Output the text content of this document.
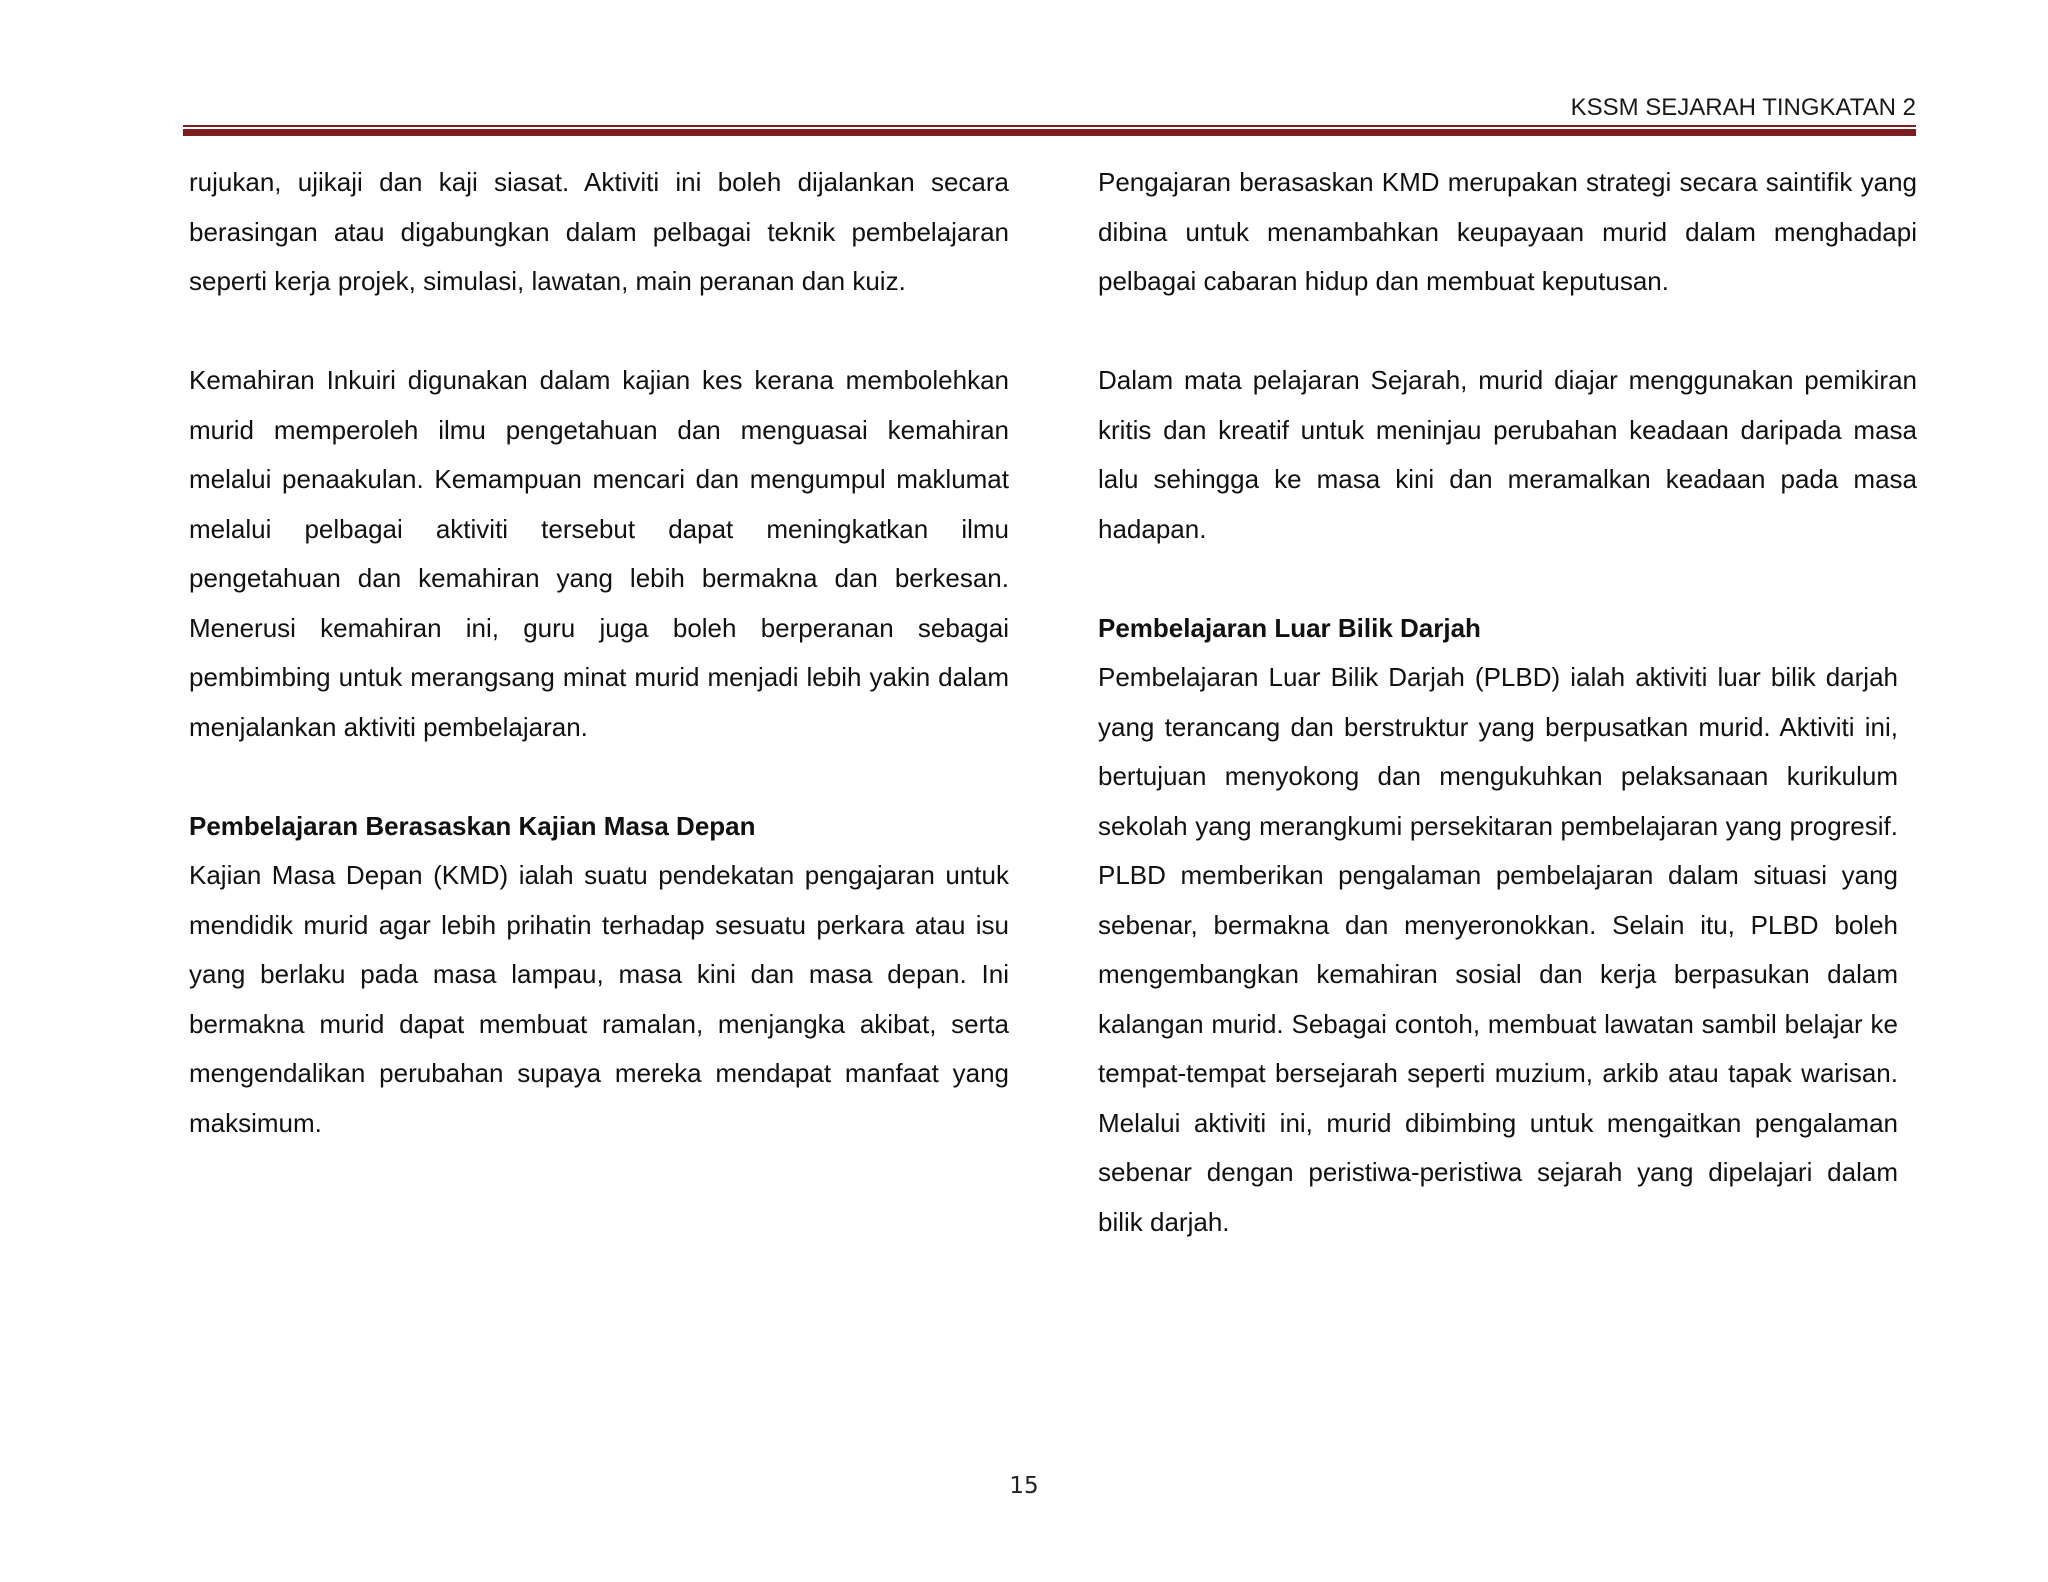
KSSM SEJARAH TINGKATAN 2

rujukan, ujikaji dan kaji siasat. Aktiviti ini boleh dijalankan secara berasingan atau digabungkan dalam pelbagai teknik pembelajaran seperti kerja projek, simulasi, lawatan, main peranan dan kuiz.

Kemahiran Inkuiri digunakan dalam kajian kes kerana membolehkan murid memperoleh ilmu pengetahuan dan menguasai kemahiran melalui penaakulan. Kemampuan mencari dan mengumpul maklumat melalui pelbagai aktiviti tersebut dapat meningkatkan ilmu pengetahuan dan kemahiran yang lebih bermakna dan berkesan. Menerusi kemahiran ini, guru juga boleh berperanan sebagai pembimbing untuk merangsang minat murid menjadi lebih yakin dalam menjalankan aktiviti pembelajaran.

Pembelajaran Berasaskan Kajian Masa Depan

Kajian Masa Depan (KMD) ialah suatu pendekatan pengajaran untuk mendidik murid agar lebih prihatin terhadap sesuatu perkara atau isu yang berlaku pada masa lampau, masa kini dan masa depan. Ini bermakna murid dapat membuat ramalan, menjangka akibat, serta mengendalikan perubahan supaya mereka mendapat manfaat yang maksimum.

Pengajaran berasaskan KMD merupakan strategi secara saintifik yang dibina untuk menambahkan keupayaan murid dalam menghadapi pelbagai cabaran hidup dan membuat keputusan.

Dalam mata pelajaran Sejarah, murid diajar menggunakan pemikiran kritis dan kreatif untuk meninjau perubahan keadaan daripada masa lalu sehingga ke masa kini dan meramalkan keadaan pada masa hadapan.

Pembelajaran Luar Bilik Darjah

Pembelajaran Luar Bilik Darjah (PLBD) ialah aktiviti luar bilik darjah yang terancang dan berstruktur yang berpusatkan murid. Aktiviti ini, bertujuan menyokong dan mengukuhkan pelaksanaan kurikulum sekolah yang merangkumi persekitaran pembelajaran yang progresif. PLBD memberikan pengalaman pembelajaran dalam situasi yang sebenar, bermakna dan menyeronokkan. Selain itu, PLBD boleh mengembangkan kemahiran sosial dan kerja berpasukan dalam kalangan murid. Sebagai contoh, membuat lawatan sambil belajar ke tempat-tempat bersejarah seperti muzium, arkib atau tapak warisan. Melalui aktiviti ini, murid dibimbing untuk mengaitkan pengalaman sebenar dengan peristiwa-peristiwa sejarah yang dipelajari dalam bilik darjah.

15
